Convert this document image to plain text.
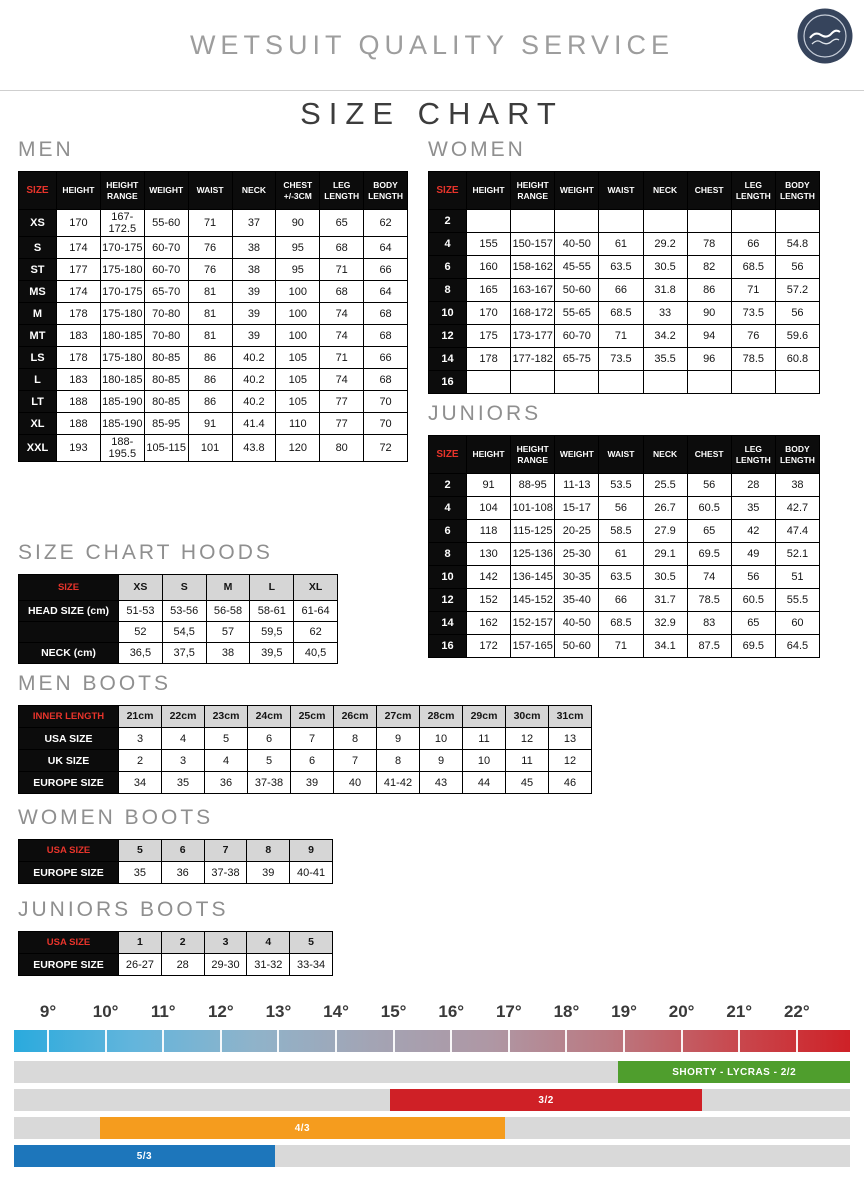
WETSUIT QUALITY SERVICE
SIZE CHART
MEN
SIZE	HEIGHT	HEIGHT RANGE	WEIGHT	WAIST	NECK	CHEST +/-3CM	LEG LENGTH	BODY LENGTH
XS	170	167-172.5	55-60	71	37	90	65	62
S	174	170-175	60-70	76	38	95	68	64
ST	177	175-180	60-70	76	38	95	71	66
MS	174	170-175	65-70	81	39	100	68	64
M	178	175-180	70-80	81	39	100	74	68
MT	183	180-185	70-80	81	39	100	74	68
LS	178	175-180	80-85	86	40.2	105	71	66
L	183	180-185	80-85	86	40.2	105	74	68
LT	188	185-190	80-85	86	40.2	105	77	70
XL	188	185-190	85-95	91	41.4	110	77	70
XXL	193	188-195.5	105-115	101	43.8	120	80	72
WOMEN
SIZE	HEIGHT	HEIGHT RANGE	WEIGHT	WAIST	NECK	CHEST	LEG LENGTH	BODY LENGTH
2								
4	155	150-157	40-50	61	29.2	78	66	54.8
6	160	158-162	45-55	63.5	30.5	82	68.5	56
8	165	163-167	50-60	66	31.8	86	71	57.2
10	170	168-172	55-65	68.5	33	90	73.5	56
12	175	173-177	60-70	71	34.2	94	76	59.6
14	178	177-182	65-75	73.5	35.5	96	78.5	60.8
16								
JUNIORS
SIZE	HEIGHT	HEIGHT RANGE	WEIGHT	WAIST	NECK	CHEST	LEG LENGTH	BODY LENGTH
2	91	88-95	11-13	53.5	25.5	56	28	38
4	104	101-108	15-17	56	26.7	60.5	35	42.7
6	118	115-125	20-25	58.5	27.9	65	42	47.4
8	130	125-136	25-30	61	29.1	69.5	49	52.1
10	142	136-145	30-35	63.5	30.5	74	56	51
12	152	145-152	35-40	66	31.7	78.5	60.5	55.5
14	162	152-157	40-50	68.5	32.9	83	65	60
16	172	157-165	50-60	71	34.1	87.5	69.5	64.5
SIZE CHART HOODS
SIZE	XS	S	M	L	XL
HEAD SIZE (cm)	51-53	53-56	56-58	58-61	61-64
	52	54,5	57	59,5	62
NECK (cm)	36,5	37,5	38	39,5	40,5
MEN BOOTS
INNER LENGTH	21cm	22cm	23cm	24cm	25cm	26cm	27cm	28cm	29cm	30cm	31cm
USA SIZE	3	4	5	6	7	8	9	10	11	12	13
UK SIZE	2	3	4	5	6	7	8	9	10	11	12
EUROPE SIZE	34	35	36	37-38	39	40	41-42	43	44	45	46
WOMEN BOOTS
USA SIZE	5	6	7	8	9
EUROPE SIZE	35	36	37-38	39	40-41
JUNIORS BOOTS
USA SIZE	1	2	3	4	5
EUROPE SIZE	26-27	28	29-30	31-32	33-34
9° 10° 11° 12° 13° 14° 15° 16° 17° 18° 19° 20° 21° 22°
SHORTY - LYCRAS - 2/2
3/2
4/3
5/3
